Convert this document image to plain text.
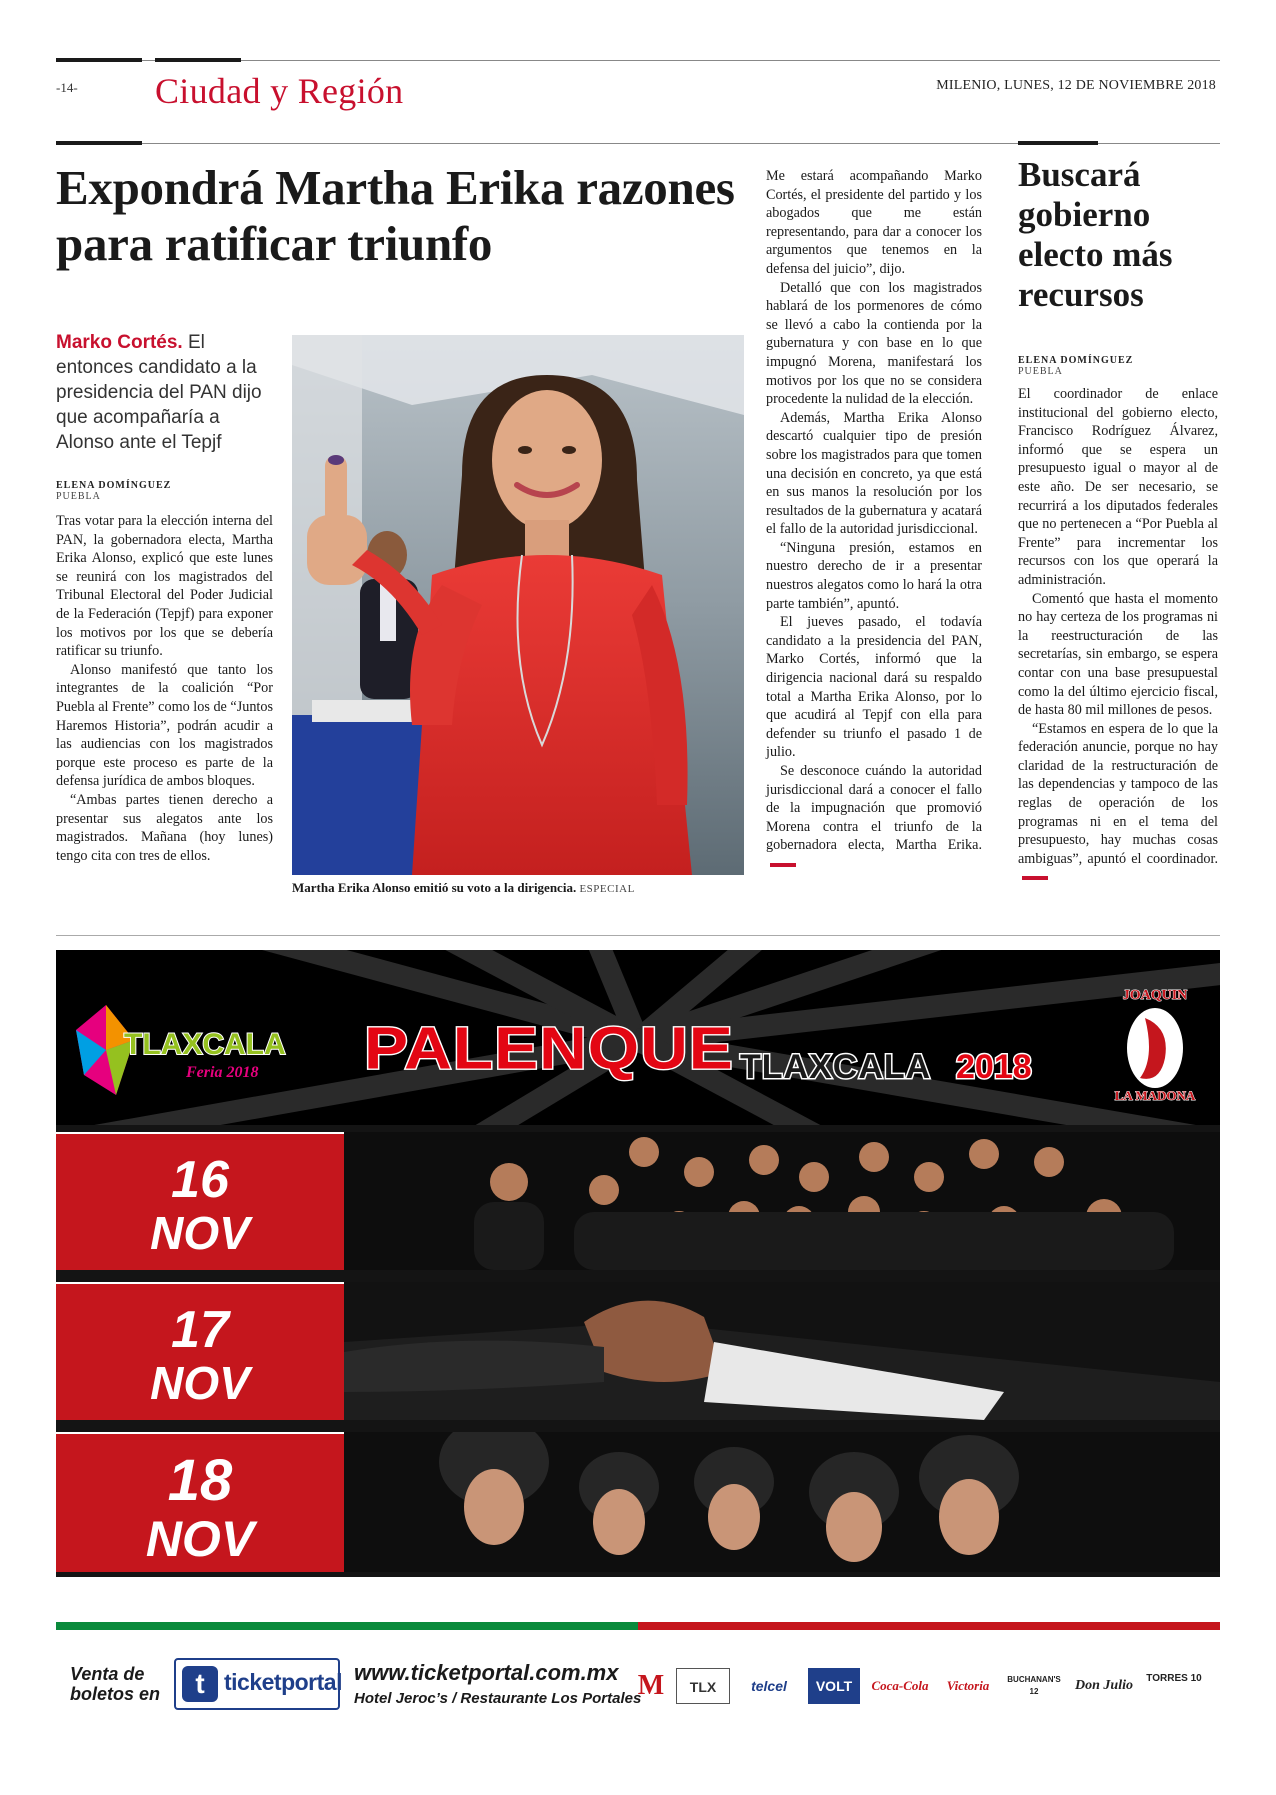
-14- Ciudad y Región	MILENIO, LUNES, 12 DE NOVIEMBRE 2018
Expondrá Martha Erika razones para ratificar triunfo
Marko Cortés. El entonces candidato a la presidencia del PAN dijo que acompañaría a Alonso ante el Tepjf
ELENA DOMÍNGUEZ
PUEBLA

Tras votar para la elección interna del PAN, la gobernadora electa, Martha Erika Alonso, explicó que este lunes se reunirá con los magistrados del Tribunal Electoral del Poder Judicial de la Federación (Tepjf) para exponer los motivos por los que se debería ratificar su triunfo.

Alonso manifestó que tanto los integrantes de la coalición “Por Puebla al Frente” como los de “Juntos Haremos Historia”, podrán acudir a las audiencias con los magistrados porque este proceso es parte de la defensa jurídica de ambos bloques.

“Ambas partes tienen derecho a presentar sus alegatos ante los magistrados. Mañana (hoy lunes) tengo cita con tres de ellos.

Martha Erika Alonso emitió su voto a la dirigencia. ESPECIAL

Me estará acompañando Marko Cortés, el presidente del partido y los abogados que me están representando, para dar a conocer los argumentos que tenemos en la defensa del juicio”, dijo.

Detalló que con los magistrados hablará de los pormenores de cómo se llevó a cabo la contienda por la gubernatura y con base en lo que impugnó Morena, manifestará los motivos por los que no se considera procedente la nulidad de la elección.

Además, Martha Erika Alonso descartó cualquier tipo de presión sobre los magistrados para que tomen una decisión en concreto, ya que está en sus manos la resolución por los resultados de la gubernatura y acatará el fallo de la autoridad jurisdiccional.

“Ninguna presión, estamos en nuestro derecho de ir a presentar nuestros alegatos como lo hará la otra parte también”, apuntó.

El jueves pasado, el todavía candidato a la presidencia del PAN, Marko Cortés, informó que la dirigencia nacional dará su respaldo total a Martha Erika Alonso, por lo que acudirá al Tepjf con ella para defender su triunfo el pasado 1 de julio.

Se desconoce cuándo la autoridad jurisdiccional dará a conocer el fallo de la impugnación que promovió Morena contra el triunfo de la gobernadora electa, Martha Erika.

Buscará gobierno electo más recursos
ELENA DOMÍNGUEZ
PUEBLA

El coordinador de enlace institucional del gobierno electo, Francisco Rodríguez Álvarez, informó que se espera un presupuesto igual o mayor al de este año. De ser necesario, se recurrirá a los diputados federales que no pertenecen a “Por Puebla al Frente” para incrementar los recursos con los que operará la administración.

Comentó que hasta el momento no hay certeza de los programas ni la reestructuración de las secretarías, sin embargo, se espera contar con una base presupuestal como la del último ejercicio fiscal, de hasta 80 mil millones de pesos.

“Estamos en espera de lo que la federación anuncie, porque no hay claridad de la restructuración de las dependencias y tampoco de las reglas de operación de los programas ni en el tema del presupuesto, hay muchas cosas ambiguas”, apuntó el coordinador.

TLAXCALA
Feria 2018 PALENQUE TLAXCALA 2018
JOAQUIN
LA MADONA
16
NOV
17
NOV
18
NOV
Venta de boletos en	t ticketportal www.ticketportal.com.mx
Hotel Jeroc’s / Restaurante Los Portales
M	TLX	telcel	VOLT	Coca-Cola	Victoria	BUCHANAN'S 12	Don Julio	TORRES 10
